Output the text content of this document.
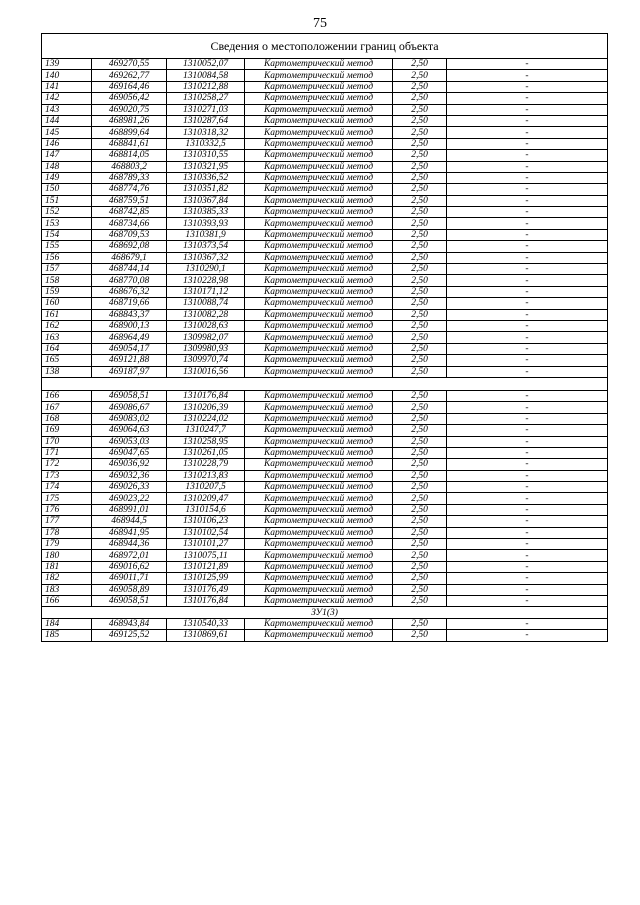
75
Сведения о местоположении границ объекта					
139	469270,55	1310052,07	Картометрический метод	2,50	-
140	469262,77	1310084,58	Картометрический метод	2,50	-
141	469164,46	1310212,88	Картометрический метод	2,50	-
142	469056,42	1310258,27	Картометрический метод	2,50	-
143	469020,75	1310271,03	Картометрический метод	2,50	-
144	468981,26	1310287,64	Картометрический метод	2,50	-
145	468899,64	1310318,32	Картометрический метод	2,50	-
146	468841,61	1310332,5	Картометрический метод	2,50	-
147	468814,05	1310310,55	Картометрический метод	2,50	-
148	468803,2	1310321,95	Картометрический метод	2,50	-
149	468789,33	1310336,52	Картометрический метод	2,50	-
150	468774,76	1310351,82	Картометрический метод	2,50	-
151	468759,51	1310367,84	Картометрический метод	2,50	-
152	468742,85	1310385,33	Картометрический метод	2,50	-
153	468734,66	1310393,93	Картометрический метод	2,50	-
154	468709,53	1310381,9	Картометрический метод	2,50	-
155	468692,08	1310373,54	Картометрический метод	2,50	-
156	468679,1	1310367,32	Картометрический метод	2,50	-
157	468744,14	1310290,1	Картометрический метод	2,50	-
158	468770,08	1310228,98	Картометрический метод	2,50	-
159	468676,32	1310171,12	Картометрический метод	2,50	-
160	468719,66	1310088,74	Картометрический метод	2,50	-
161	468843,37	1310082,28	Картометрический метод	2,50	-
162	468900,13	1310028,63	Картометрический метод	2,50	-
163	468964,49	1309982,07	Картометрический метод	2,50	-
164	469054,17	1309980,93	Картометрический метод	2,50	-
165	469121,88	1309970,74	Картометрический метод	2,50	-
138	469187,97	1310016,56	Картометрический метод	2,50	-

166	469058,51	1310176,84	Картометрический метод	2,50	-
167	469086,67	1310206,39	Картометрический метод	2,50	-
168	469083,02	1310224,02	Картометрический метод	2,50	-
169	469064,63	1310247,7	Картометрический метод	2,50	-
170	469053,03	1310258,95	Картометрический метод	2,50	-
171	469047,65	1310261,05	Картометрический метод	2,50	-
172	469036,92	1310228,79	Картометрический метод	2,50	-
173	469032,36	1310213,83	Картометрический метод	2,50	-
174	469026,33	1310207,5	Картометрический метод	2,50	-
175	469023,22	1310209,47	Картометрический метод	2,50	-
176	468991,01	1310154,6	Картометрический метод	2,50	-
177	468944,5	1310106,23	Картометрический метод	2,50	-
178	468941,95	1310102,54	Картометрический метод	2,50	-
179	468944,36	1310101,27	Картометрический метод	2,50	-
180	468972,01	1310075,11	Картометрический метод	2,50	-
181	469016,62	1310121,89	Картометрический метод	2,50	-
182	469011,71	1310125,99	Картометрический метод	2,50	-
183	469058,89	1310176,49	Картометрический метод	2,50	-
166	469058,51	1310176,84	Картометрический метод	2,50	-
ЗУ1(3)					
184	468943,84	1310540,33	Картометрический метод	2,50	-
185	469125,52	1310869,61	Картометрический метод	2,50	-
